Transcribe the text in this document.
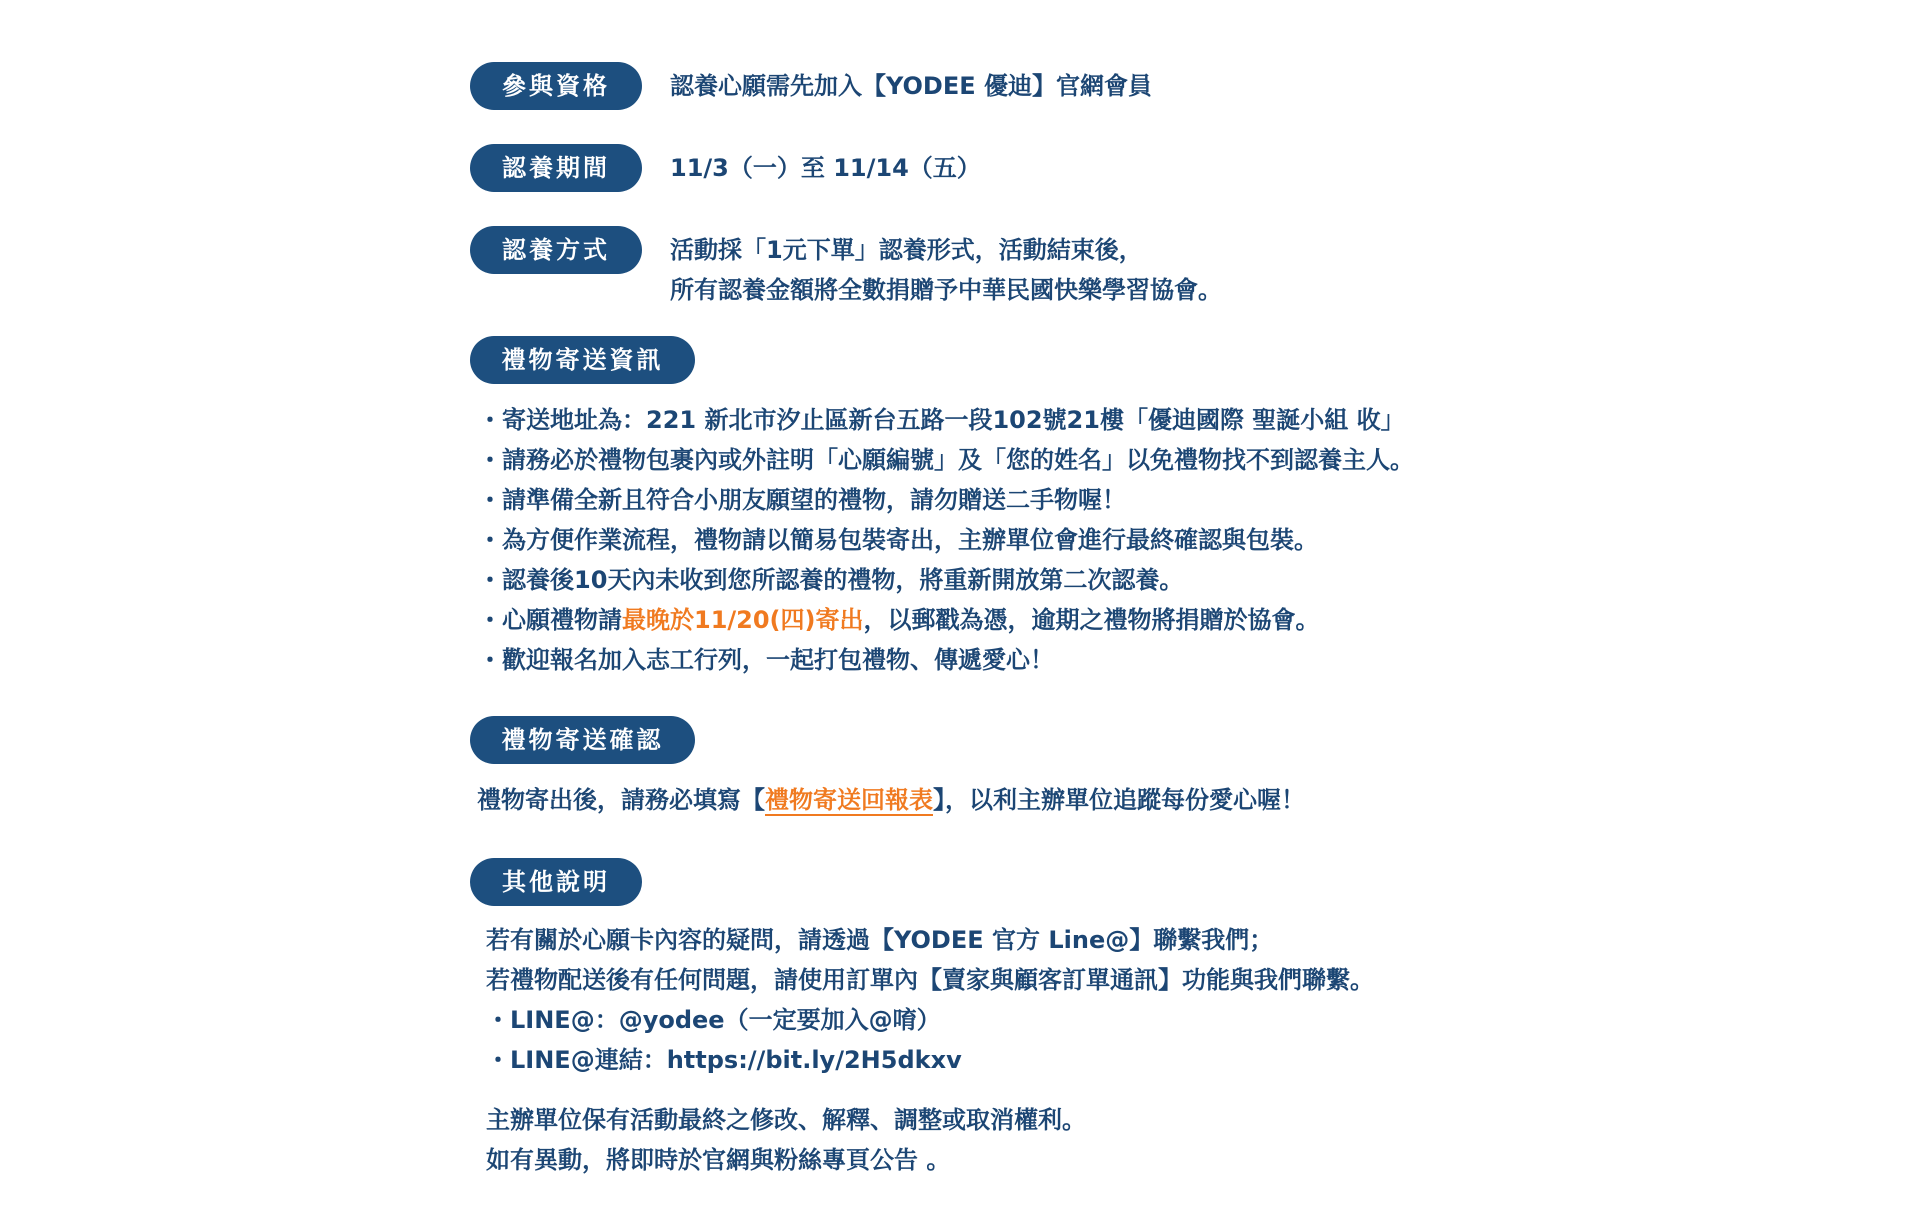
參與資格	認養心願需先加入【YODEE 優迪】官網會員
認養期間	11/3（一）至 11/14（五）
認養方式	活動採「1元下單」認養形式，活動結束後，
所有認養金額將全數捐贈予中華民國快樂學習協會。
禮物寄送資訊
・寄送地址為：221 新北市汐止區新台五路一段102號21樓「優迪國際 聖誕小組 收」
・請務必於禮物包裹內或外註明「心願編號」及「您的姓名」以免禮物找不到認養主人。
・請準備全新且符合小朋友願望的禮物，請勿贈送二手物喔！
・為方便作業流程，禮物請以簡易包裝寄出，主辦單位會進行最終確認與包裝。
・認養後10天內未收到您所認養的禮物，將重新開放第二次認養。
・心願禮物請最晚於11/20(四)寄出，以郵戳為憑，逾期之禮物將捐贈於協會。
・歡迎報名加入志工行列，一起打包禮物、傳遞愛心！
禮物寄送確認
禮物寄出後，請務必填寫【禮物寄送回報表】，以利主辦單位追蹤每份愛心喔！
其他說明
若有關於心願卡內容的疑問，請透過【YODEE 官方 Line@】聯繫我們；
若禮物配送後有任何問題，請使用訂單內【賣家與顧客訂單通訊】功能與我們聯繫。
・LINE@：@yodee（一定要加入@唷）
・LINE@連結：https://bit.ly/2H5dkxv
主辦單位保有活動最終之修改、解釋、調整或取消權利。
如有異動，將即時於官網與粉絲專頁公告 。
